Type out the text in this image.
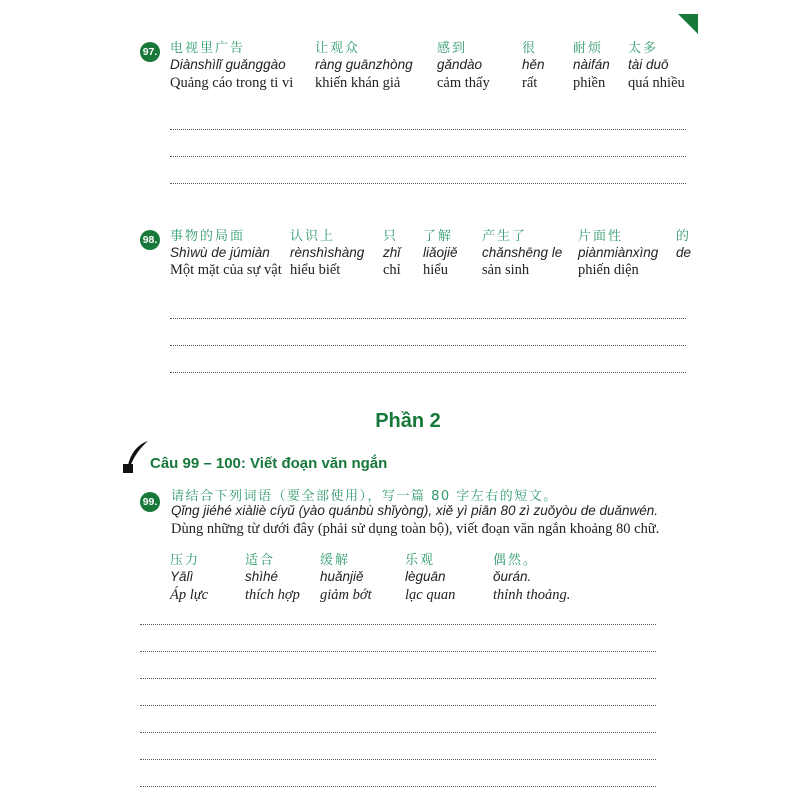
97. 电视里广告
Diànshìlǐ guǎnggào
Quảng cáo trong ti vi
让观众
ràng guānzhòng
khiến khán giả
感到
gǎndào
cảm thấy
很
hěn
rất
耐烦
nàifán
phiền
太多
tài duō
quá nhiều
98. 事物的局面
Shìwù de júmiàn
Một mặt của sự vật
认识上
rènshìshàng
hiểu biết
只
zhǐ
chỉ
了解
liǎojiě
hiểu
产生了
chǎnshēng le
sản sinh
片面性
piànmiànxìng
phiến diện
的
de
Phần 2
Câu 99 – 100: Viết đoạn văn ngắn
99. 请结合下列词语（要全部使用），写一篇 80 字左右的短文。
Qǐng jiéhé xiàliè cíyǔ (yào quánbù shǐyòng), xiě yì piān 80 zì zuǒyòu de duǎnwén.
Dùng những từ dưới đây (phải sử dụng toàn bộ), viết đoạn văn ngắn khoảng 80 chữ.
压力
Yālì
Áp lực
适合
shìhé
thích hợp
缓解
huǎnjiě
giảm bớt
乐观
lèguān
lạc quan
偶然。
ǒurán.
thỉnh thoảng.
